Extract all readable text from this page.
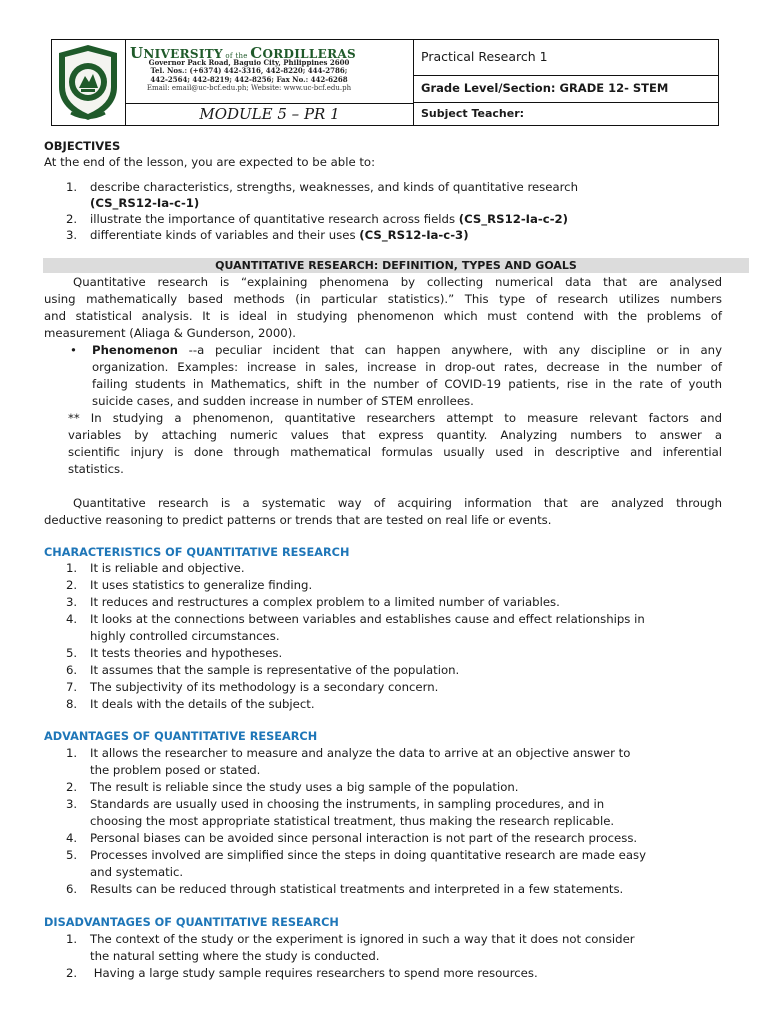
UNIVERSITY of the CORDILLERAS
Governor Pack Road, Baguio City, Philippines 2600
Tel. Nos.: (+6374) 442-3316, 442-8220; 444-2786;
442-2564; 442-8219; 442-8256; Fax No.: 442-6268
Email: email@uc-bcf.edu.ph; Website: www.uc-bcf.edu.ph
MODULE 5 – PR 1
Practical Research 1
Grade Level/Section: GRADE 12- STEM
Subject Teacher:
OBJECTIVES
At the end of the lesson, you are expected to be able to:
1. describe characteristics, strengths, weaknesses, and kinds of quantitative research
(CS_RS12-Ia-c-1)
2. illustrate the importance of quantitative research across fields (CS_RS12-Ia-c-2)
3. differentiate kinds of variables and their uses (CS_RS12-Ia-c-3)
QUANTITATIVE RESEARCH: DEFINITION, TYPES AND GOALS
Quantitative research is “explaining phenomena by collecting numerical data that are analysed
using mathematically based methods (in particular statistics).” This type of research utilizes numbers
and statistical analysis. It is ideal in studying phenomenon which must contend with the problems of
measurement (Aliaga & Gunderson, 2000).
• Phenomenon --a peculiar incident that can happen anywhere, with any discipline or in any
organization. Examples: increase in sales, increase in drop-out rates, decrease in the number of
failing students in Mathematics, shift in the number of COVID-19 patients, rise in the rate of youth
suicide cases, and sudden increase in number of STEM enrollees.
** In studying a phenomenon, quantitative researchers attempt to measure relevant factors and
variables by attaching numeric values that express quantity. Analyzing numbers to answer a
scientific injury is done through mathematical formulas usually used in descriptive and inferential
statistics.
Quantitative research is a systematic way of acquiring information that are analyzed through
deductive reasoning to predict patterns or trends that are tested on real life or events.
CHARACTERISTICS OF QUANTITATIVE RESEARCH
1. It is reliable and objective.
2. It uses statistics to generalize finding.
3. It reduces and restructures a complex problem to a limited number of variables.
4. It looks at the connections between variables and establishes cause and effect relationships in
highly controlled circumstances.
5. It tests theories and hypotheses.
6. It assumes that the sample is representative of the population.
7. The subjectivity of its methodology is a secondary concern.
8. It deals with the details of the subject.
ADVANTAGES OF QUANTITATIVE RESEARCH
1. It allows the researcher to measure and analyze the data to arrive at an objective answer to
the problem posed or stated.
2. The result is reliable since the study uses a big sample of the population.
3. Standards are usually used in choosing the instruments, in sampling procedures, and in
choosing the most appropriate statistical treatment, thus making the research replicable.
4. Personal biases can be avoided since personal interaction is not part of the research process.
5. Processes involved are simplified since the steps in doing quantitative research are made easy
and systematic.
6. Results can be reduced through statistical treatments and interpreted in a few statements.
DISADVANTAGES OF QUANTITATIVE RESEARCH
1. The context of the study or the experiment is ignored in such a way that it does not consider
the natural setting where the study is conducted.
2. Having a large study sample requires researchers to spend more resources.
